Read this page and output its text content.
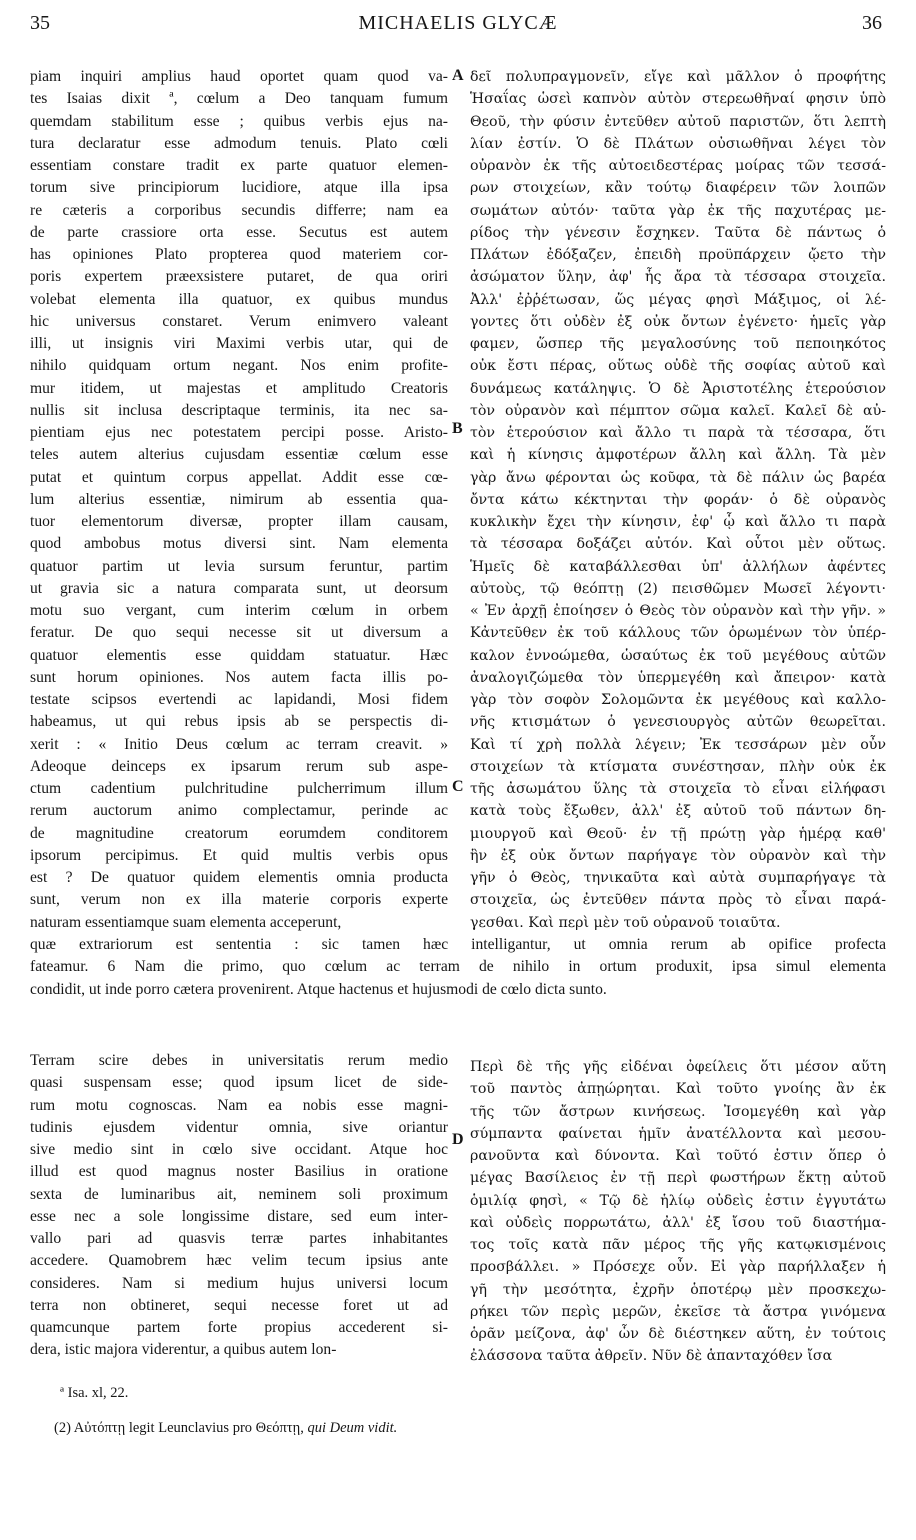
35	MICHAELIS GLYCÆ	36
piam inquiri amplius haud oportet quam quod va-
tes Isaias dixit ª, cœlum a Deo tanquam fumum
quemdam stabilitum esse ; quibus verbis ejus na-
tura declaratur esse admodum tenuis. Plato cœli
essentiam constare tradit ex parte quatuor elemen-
torum sive principiorum lucidiore, atque illa ipsa
re cæteris a corporibus secundis differre; nam ea
de parte crassiore orta esse. Secutus est autem
has opiniones Plato propterea quod materiem cor-
poris expertem præexsistere putaret, de qua oriri
volebat elementa illa quatuor, ex quibus mundus
hic universus constaret. Verum enimvero valeant
illi, ut insignis viri Maximi verbis utar, qui de
nihilo quidquam ortum negant. Nos enim profite-
mur itidem, ut majestas et amplitudo Creatoris
nullis sit inclusa descriptaque terminis, ita nec sa-
pientiam ejus nec potestatem percipi posse. Aristo-
teles autem alterius cujusdam essentiæ cœlum esse
putat et quintum corpus appellat. Addit esse cœ-
lum alterius essentiæ, nimirum ab essentia qua-
tuor elementorum diversæ, propter illam causam,
quod ambobus motus diversi sint. Nam elementa
quatuor partim ut levia sursum feruntur, partim
ut gravia sic a natura comparata sunt, ut deorsum
motu suo vergant, cum interim cœlum in orbem
feratur. De quo sequi necesse sit ut diversum a
quatuor elementis esse quiddam statuatur. Hæc
sunt horum opiniones. Nos autem facta illis po-
testate scipsos evertendi ac lapidandi, Mosi fidem
habeamus, ut qui rebus ipsis ab se perspectis di-
xerit : « Initio Deus cœlum ac terram creavit. »
Adeoque deinceps ex ipsarum rerum sub aspe-
ctum cadentium pulchritudine pulcherrimum illum
rerum auctorum animo complectamur, perinde ac
de magnitudine creatorum eorumdem conditorem
ipsorum percipimus. Et quid multis verbis opus
est ? De quatuor quidem elementis omnia producta
sunt, verum non ex illa materie corporis experte
naturam essentiamque suam elementa acceperunt,
δεῖ πολυπραγμονεῖν, εἴγε καὶ μᾶλλον ὁ προφήτης
Ἡσαΐας ὡσεὶ καπνὸν αὐτὸν στερεωθῆναί φησιν ὑπὸ
Θεοῦ, τὴν φύσιν ἐντεῦθεν αὐτοῦ παριστῶν, ὅτι λεπτὴ
λίαν ἐστίν. Ὁ δὲ Πλάτων οὐσιωθῆναι λέγει τὸν
οὐρανὸν ἐκ τῆς αὐτοειδεστέρας μοίρας τῶν τεσσά-
ρων στοιχείων, κἂν τούτῳ διαφέρειν τῶν λοιπῶν
σωμάτων αὐτόν· ταῦτα γὰρ ἐκ τῆς παχυτέρας με-
ρίδος τὴν γένεσιν ἔσχηκεν. Ταῦτα δὲ πάντως ὁ
Πλάτων ἐδόξαζεν, ἐπειδὴ προϋπάρχειν ᾤετο τὴν
ἀσώματον ὕλην, ἀφ' ἧς ἄρα τὰ τέσσαρα στοιχεῖα.
Ἀλλ' ἐῤῥέτωσαν, ὥς μέγας φησὶ Μάξιμος, οἱ λέ-
γοντες ὅτι οὐδὲν ἐξ οὐκ ὄντων ἐγένετο· ἡμεῖς γὰρ
φαμεν, ὥσπερ τῆς μεγαλοσύνης τοῦ πεποιηκότος
οὐκ ἔστι πέρας, οὕτως οὐδὲ τῆς σοφίας αὐτοῦ καὶ
δυνάμεως κατάληψις. Ὁ δὲ Ἀριστοτέλης ἑτερούσιον
τὸν οὐρανὸν καὶ πέμπτον σῶμα καλεῖ. Καλεῖ δὲ αὐ-
τὸν ἑτερούσιον καὶ ἄλλο τι παρὰ τὰ τέσσαρα, ὅτι
καὶ ἡ κίνησις ἀμφοτέρων ἄλλη καὶ ἄλλη. Τὰ μὲν
γὰρ ἄνω φέρονται ὡς κοῦφα, τὰ δὲ πάλιν ὡς βαρέα
ὄντα κάτω κέκτηνται τὴν φοράν· ὁ δὲ οὐρανὸς
κυκλικὴν ἔχει τὴν κίνησιν, ἐφ' ᾧ καὶ ἄλλο τι παρὰ
τὰ τέσσαρα δοξάζει αὐτόν. Καὶ οὗτοι μὲν οὕτως.
Ἡμεῖς δὲ καταβάλλεσθαι ὑπ' ἀλλήλων ἀφέντες
αὐτοὺς, τῷ θεόπτῃ (2) πεισθῶμεν Μωσεῖ λέγοντι·
« Ἐν ἀρχῇ ἐποίησεν ὁ Θεὸς τὸν οὐρανὸν καὶ τὴν γῆν. »
Κἀντεῦθεν ἐκ τοῦ κάλλους τῶν ὁρωμένων τὸν ὑπέρ-
καλον ἐννοώμεθα, ὡσαύτως ἐκ τοῦ μεγέθους αὐτῶν
ἀναλογιζώμεθα τὸν ὑπερμεγέθη καὶ ἄπειρον· κατὰ
γὰρ τὸν σοφὸν Σολομῶντα ἐκ μεγέθους καὶ καλλο-
νῆς κτισμάτων ὁ γενεσιουργὸς αὐτῶν θεωρεῖται.
Καὶ τί χρὴ πολλὰ λέγειν; Ἐκ τεσσάρων μὲν οὖν
στοιχείων τὰ κτίσματα συνέστησαν, πλὴν οὐκ ἐκ
τῆς ἀσωμάτου ὕλης τὰ στοιχεῖα τὸ εἶναι εἰλήφασι
κατὰ τοὺς ἔξωθεν, ἀλλ' ἐξ αὐτοῦ τοῦ πάντων δη-
μιουργοῦ καὶ Θεοῦ· ἐν τῇ πρώτῃ γὰρ ἡμέρᾳ καθ'
ἣν ἐξ οὐκ ὄντων παρήγαγε τὸν οὐρανὸν καὶ τὴν
γῆν ὁ Θεὸς, τηνικαῦτα καὶ αὐτὰ συμπαρήγαγε τὰ
στοιχεῖα, ὡς ἐντεῦθεν πάντα πρὸς τὸ εἶναι παρά-
γεσθαι. Καὶ περὶ μὲν τοῦ οὐρανοῦ τοιαῦτα.
A
B
C
D
quæ extrariorum est sententia : sic tamen hæc intelligantur, ut omnia rerum ab opifice profecta
fateamur. 6 Nam die primo, quo cœlum ac terram de nihilo in ortum produxit, ipsa simul elementa
condidit, ut inde porro cætera provenirent. Atque hactenus et hujusmodi de cœlo dicta sunto.
Terram scire debes in universitatis rerum medio
quasi suspensam esse; quod ipsum licet de side-
rum motu cognoscas. Nam ea nobis esse magni-
tudinis ejusdem videntur omnia, sive oriantur
sive medio sint in cœlo sive occidant. Atque hoc
illud est quod magnus noster Basilius in oratione
sexta de luminaribus ait, neminem soli proximum
esse nec a sole longissime distare, sed eum inter-
vallo pari ad quasvis terræ partes inhabitantes
accedere. Quamobrem hæc velim tecum ipsius ante
consideres. Nam si medium hujus universi locum
terra non obtineret, sequi necesse foret ut ad
quamcunque partem forte propius accederent si-
dera, istic majora viderentur, a quibus autem lon-
Περὶ δὲ τῆς γῆς εἰδέναι ὀφείλεις ὅτι μέσον αὕτη
τοῦ παντὸς ἀπῃώρηται. Καὶ τοῦτο γνοίης ἂν ἐκ
τῆς τῶν ἄστρων κινήσεως. Ἰσομεγέθη καὶ γὰρ
σύμπαντα φαίνεται ἡμῖν ἀνατέλλοντα καὶ μεσου-
ρανοῦντα καὶ δύνοντα. Καὶ τοῦτό ἐστιν ὅπερ ὁ
μέγας Βασίλειος ἐν τῇ περὶ φωστήρων ἕκτῃ αὐτοῦ
ὁμιλίᾳ φησὶ, « Τῷ δὲ ἡλίῳ οὐδεὶς ἐστιν ἐγγυτάτω
καὶ οὐδεὶς πορρωτάτω, ἀλλ' ἐξ ἴσου τοῦ διαστήμα-
τος τοῖς κατὰ πᾶν μέρος τῆς γῆς κατῳκισμένοις
προσβάλλει. » Πρόσεχε οὖν. Εἰ γὰρ παρήλλαξεν ἡ
γῆ τὴν μεσότητα, ἐχρῆν ὁποτέρῳ μὲν προσκεχω-
ρήκει τῶν περὶς μερῶν, ἐκεῖσε τὰ ἄστρα γινόμενα
ὁρᾶν μείζονα, ἀφ' ὧν δὲ διέστηκεν αὕτη, ἐν τούτοις
ἐλάσσονα ταῦτα ἀθρεῖν. Νῦν δὲ ἁπανταχόθεν ἴσα
ª Isa. xl, 22.
(2) Αὐτόπτῃ legit Leunclavius pro Θεόπτῃ, qui Deum vidit.
